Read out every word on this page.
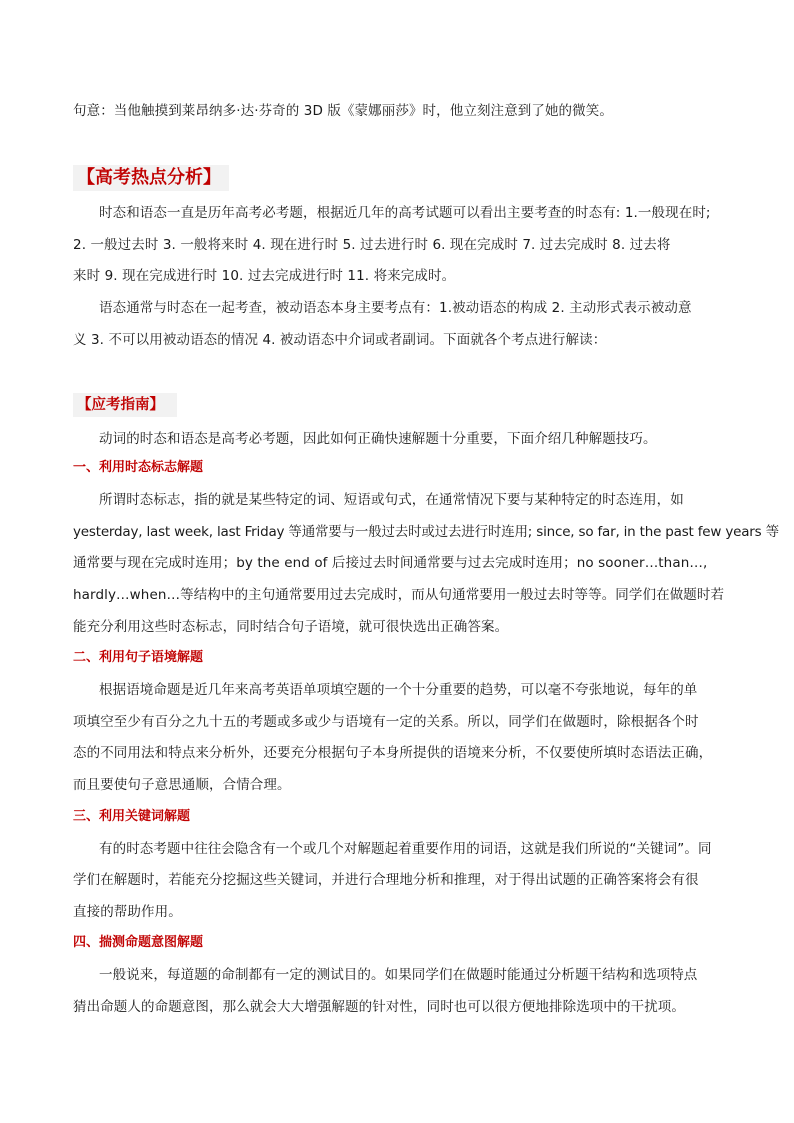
句意：当他触摸到莱昂纳多·达·芬奇的 3D 版《蒙娜丽莎》时，他立刻注意到了她的微笑。
【高考热点分析】
时态和语态一直是历年高考必考题，根据近几年的高考试题可以看出主要考查的时态有: 1.一般现在时;
2. 一般过去时 3. 一般将来时 4. 现在进行时 5. 过去进行时 6. 现在完成时 7. 过去完成时 8. 过去将
来时 9. 现在完成进行时 10. 过去完成进行时 11. 将来完成时。
语态通常与时态在一起考查，被动语态本身主要考点有：1.被动语态的构成 2. 主动形式表示被动意
义 3. 不可以用被动语态的情况 4. 被动语态中介词或者副词。下面就各个考点进行解读：
【应考指南】
动词的时态和语态是高考必考题，因此如何正确快速解题十分重要，下面介绍几种解题技巧。
一、利用时态标志解题
所谓时态标志，指的就是某些特定的词、短语或句式，在通常情况下要与某种特定的时态连用，如
yesterday, last week, last Friday 等通常要与一般过去时或过去进行时连用; since, so far, in the past few years 等
通常要与现在完成时连用；by the end of 后接过去时间通常要与过去完成时连用；no sooner…than…,
hardly…when…等结构中的主句通常要用过去完成时，而从句通常要用一般过去时等等。同学们在做题时若
能充分利用这些时态标志，同时结合句子语境，就可很快选出正确答案。
二、利用句子语境解题
根据语境命题是近几年来高考英语单项填空题的一个十分重要的趋势，可以毫不夸张地说，每年的单
项填空至少有百分之九十五的考题或多或少与语境有一定的关系。所以，同学们在做题时，除根据各个时
态的不同用法和特点来分析外，还要充分根据句子本身所提供的语境来分析，不仅要使所填时态语法正确，
而且要使句子意思通顺，合情合理。
三、利用关键词解题
有的时态考题中往往会隐含有一个或几个对解题起着重要作用的词语，这就是我们所说的“关键词”。同
学们在解题时，若能充分挖掘这些关键词，并进行合理地分析和推理，对于得出试题的正确答案将会有很
直接的帮助作用。
四、揣测命题意图解题
一般说来，每道题的命制都有一定的测试目的。如果同学们在做题时能通过分析题干结构和选项特点
猜出命题人的命题意图，那么就会大大增强解题的针对性，同时也可以很方便地排除选项中的干扰项。
